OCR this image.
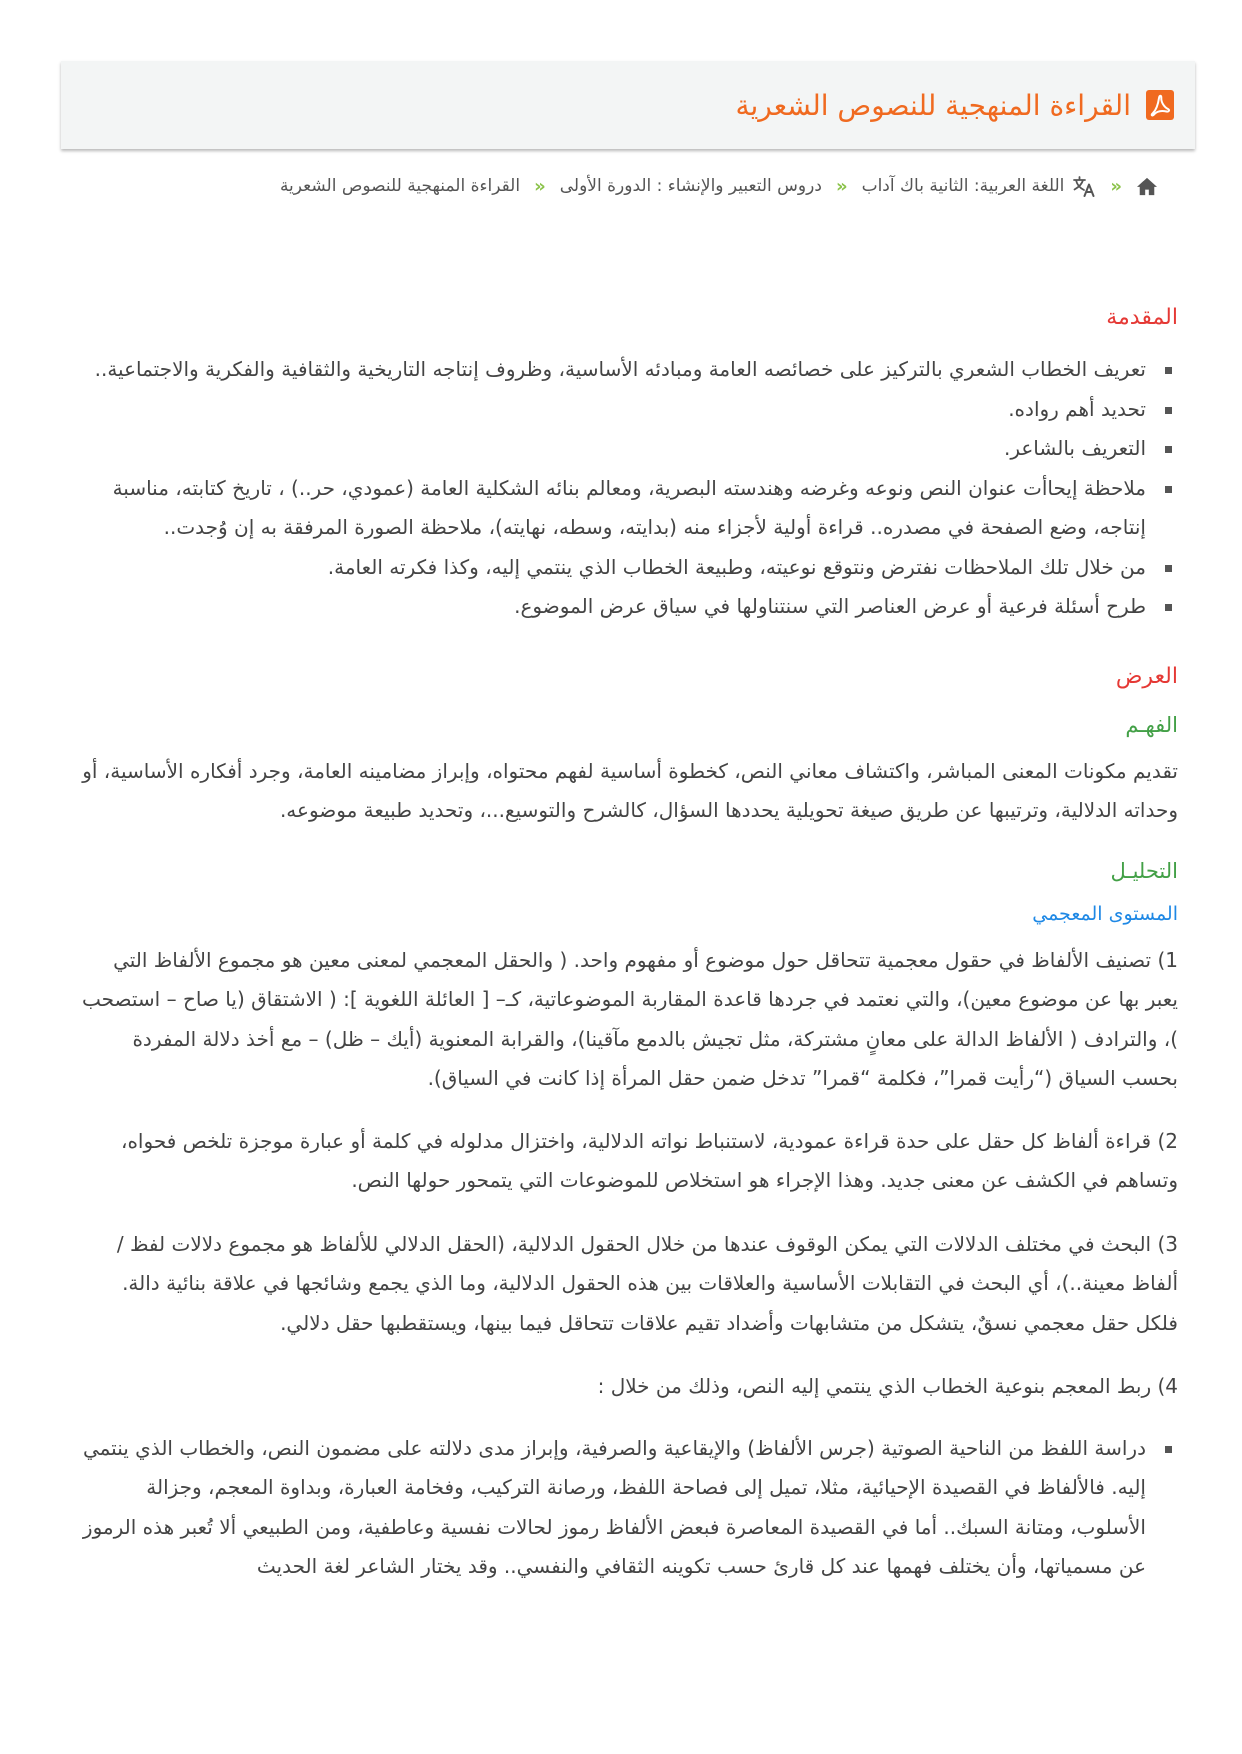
القراءة المنهجية للنصوص الشعرية
»
اللغة العربية: الثانية باك آداب
»
دروس التعبير والإنشاء : الدورة الأولى
»
القراءة المنهجية للنصوص الشعرية
المقدمة
تعريف الخطاب الشعري بالتركيز على خصائصه العامة ومبادئه الأساسية، وظروف إنتاجه التاريخية والثقافية والفكرية والاجتماعية..
تحديد أهم رواده.
التعريف بالشاعر.
ملاحظة إيحاأت عنوان النص ونوعه وغرضه وهندسته البصرية، ومعالم بنائه الشكلية العامة (عمودي، حر..) ، تاريخ كتابته، مناسبة إنتاجه، وضع الصفحة في مصدره.. قراءة أولية لأجزاء منه (بدايته، وسطه، نهايته)، ملاحظة الصورة المرفقة به إن وُجدت..
من خلال تلك الملاحظات نفترض ونتوقع نوعيته، وطبيعة الخطاب الذي ينتمي إليه، وكذا فكرته العامة.
طرح أسئلة فرعية أو عرض العناصر التي سنتناولها في سياق عرض الموضوع.
العرض
الفهـم

تقديم مكونات المعنى المباشر، واكتشاف معاني النص، كخطوة أساسية لفهم محتواه، وإبراز مضامينه العامة، وجرد أفكاره الأساسية، أو وحداته الدلالية، وترتيبها عن طريق صيغة تحويلية يحددها السؤال، كالشرح والتوسيع...، وتحديد طبيعة موضوعه.

التحليـل
المستوى المعجمي

1) تصنيف الألفاظ في حقول معجمية تتحاقل حول موضوع أو مفهوم واحد. ( والحقل المعجمي لمعنى معين هو مجموع الألفاظ التي يعبر بها عن موضوع معين)، والتي نعتمد في جردها قاعدة المقاربة الموضوعاتية، كـ– [ العائلة اللغوية ]: ( الاشتقاق (يا صاح – استصحب )، والترادف ( الألفاظ الدالة على معانٍ مشتركة، مثل تجيش بالدمع مآقينا)، والقرابة المعنوية (أيك – ظل) – مع أخذ دلالة المفردة بحسب السياق (“رأيت قمرا”، فكلمة “قمرا” تدخل ضمن حقل المرأة إذا كانت في السياق).

2) قراءة ألفاظ كل حقل على حدة قراءة عمودية، لاستنباط نواته الدلالية، واختزال مدلوله في كلمة أو عبارة موجزة تلخص فحواه، وتساهم في الكشف عن معنى جديد. وهذا الإجراء هو استخلاص للموضوعات التي يتمحور حولها النص.

3) البحث في مختلف الدلالات التي يمكن الوقوف عندها من خلال الحقول الدلالية، (الحقل الدلالي للألفاظ هو مجموع دلالات لفظ / ألفاظ معينة..)، أي البحث في التقابلات الأساسية والعلاقات بين هذه الحقول الدلالية، وما الذي يجمع وشائجها في علاقة بنائية دالة. فلكل حقل معجمي نسقٌ، يتشكل من متشابهات وأضداد تقيم علاقات تتحاقل فيما بينها، ويستقطبها حقل دلالي.

4) ربط المعجم بنوعية الخطاب الذي ينتمي إليه النص، وذلك من خلال :

دراسة اللفظ من الناحية الصوتية (جرس الألفاظ) والإيقاعية والصرفية، وإبراز مدى دلالته على مضمون النص، والخطاب الذي ينتمي إليه. فالألفاظ في القصيدة الإحيائية، مثلا، تميل إلى فصاحة اللفظ، ورصانة التركيب، وفخامة العبارة، وبداوة المعجم، وجزالة الأسلوب، ومتانة السبك.. أما في القصيدة المعاصرة فبعض الألفاظ رموز لحالات نفسية وعاطفية، ومن الطبيعي ألا تُعبر هذه الرموز عن مسمياتها، وأن يختلف فهمها عند كل قارئ حسب تكوينه الثقافي والنفسي.. وقد يختار الشاعر لغة الحديث
